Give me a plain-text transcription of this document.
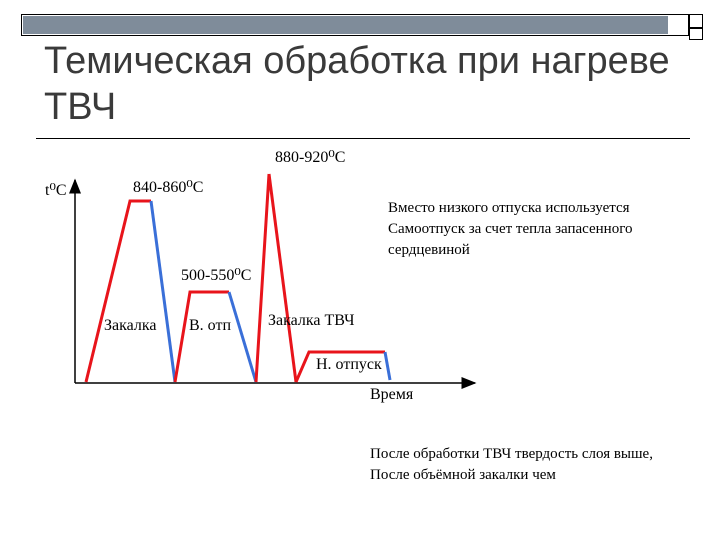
Темическая обработка при нагреве ТВЧ
t⁰C
Время
880-920⁰C
840-860⁰C
500-550⁰C
Закалка В. отп Закалка ТВЧ
Н. отпуск
Вместо низкого отпуска используется
Самоотпуск за счет тепла запасенного
сердцевиной
После обработки ТВЧ твердость слоя выше,
После объёмной закалки чем
